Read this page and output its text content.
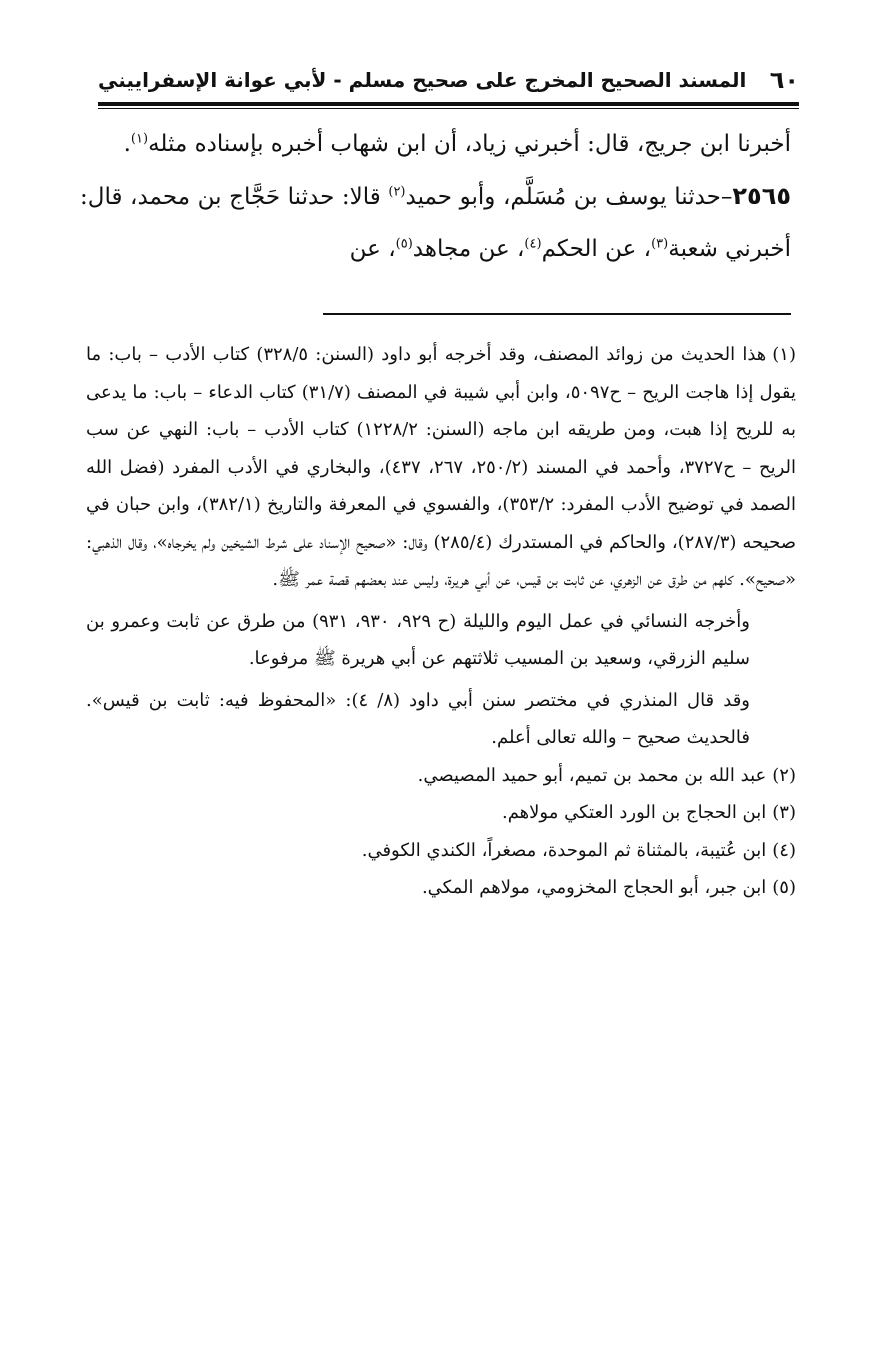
٦٠
المسند الصحيح المخرج على صحيح مسلم - لأبي عوانة الإسفراييني

أخبرنا ابن جريج، قال: أخبرني زياد، أن ابن شهاب أخبره بإسناده مثله$^{(١)}$.

٢٥٦٥–حدثنا يوسف بن مُسَلَّم، وأبو حميد$^{(٢)}$ قالا: حدثنا حَجَّاج بن محمد، قال: أخبرني شعبة$^{(٣)}$، عن الحكم$^{(٤)}$، عن مجاهد$^{(٥)}$، عن

(١)هذا الحديث من زوائد المصنف، وقد أخرجه أبو داود (السنن: ٣٢٨/٥) كتاب الأدب – باب: ما يقول إذا هاجت الريح – ح٥٠٩٧، وابن أبي شيبة في المصنف (٣١/٧) كتاب الدعاء – باب: ما يدعى به للريح إذا هبت، ومن طريقه ابن ماجه (السنن: ١٢٢٨/٢) كتاب الأدب – باب: النهي عن سب الريح – ح٣٧٢٧، وأحمد في المسند (٢٥٠/٢، ٢٦٧، ٤٣٧)، والبخاري في الأدب المفرد (فضل الله الصمد في توضيح الأدب المفرد: ٣٥٣/٢)، والفسوي في المعرفة والتاريخ (٣٨٢/١)، وابن حبان في صحيحه (٢٨٧/٣)، والحاكم في المستدرك (٢٨٥/٤) وقال: «صحيح الإسناد على شرط الشيخين ولم يخرجاه»، وقال الذهبي: «صحيح». كلهم من طرق عن الزهري، عن ثابت بن قيس، عن أبي هريرة، وليس عند بعضهم قصة عمر ﷺ.

وأخرجه النسائي في عمل اليوم والليلة (ح ٩٢٩، ٩٣٠، ٩٣١) من طرق عن ثابت وعمرو بن سليم الزرقي، وسعيد بن المسيب ثلاثتهم عن أبي هريرة ﷺ مرفوعا.

وقد قال المنذري في مختصر سنن أبي داود (٨/ ٤): «المحفوظ فيه: ثابت بن قيس». فالحديث صحيح – والله تعالى أعلم.

(٢)عبد الله بن محمد بن تميم، أبو حميد المصيصي.

(٣)ابن الحجاج بن الورد العتكي مولاهم.

(٤)ابن عُتيبة، بالمثناة ثم الموحدة، مصغراً، الكندي الكوفي.

(٥)ابن جبر، أبو الحجاج المخزومي، مولاهم المكي.
